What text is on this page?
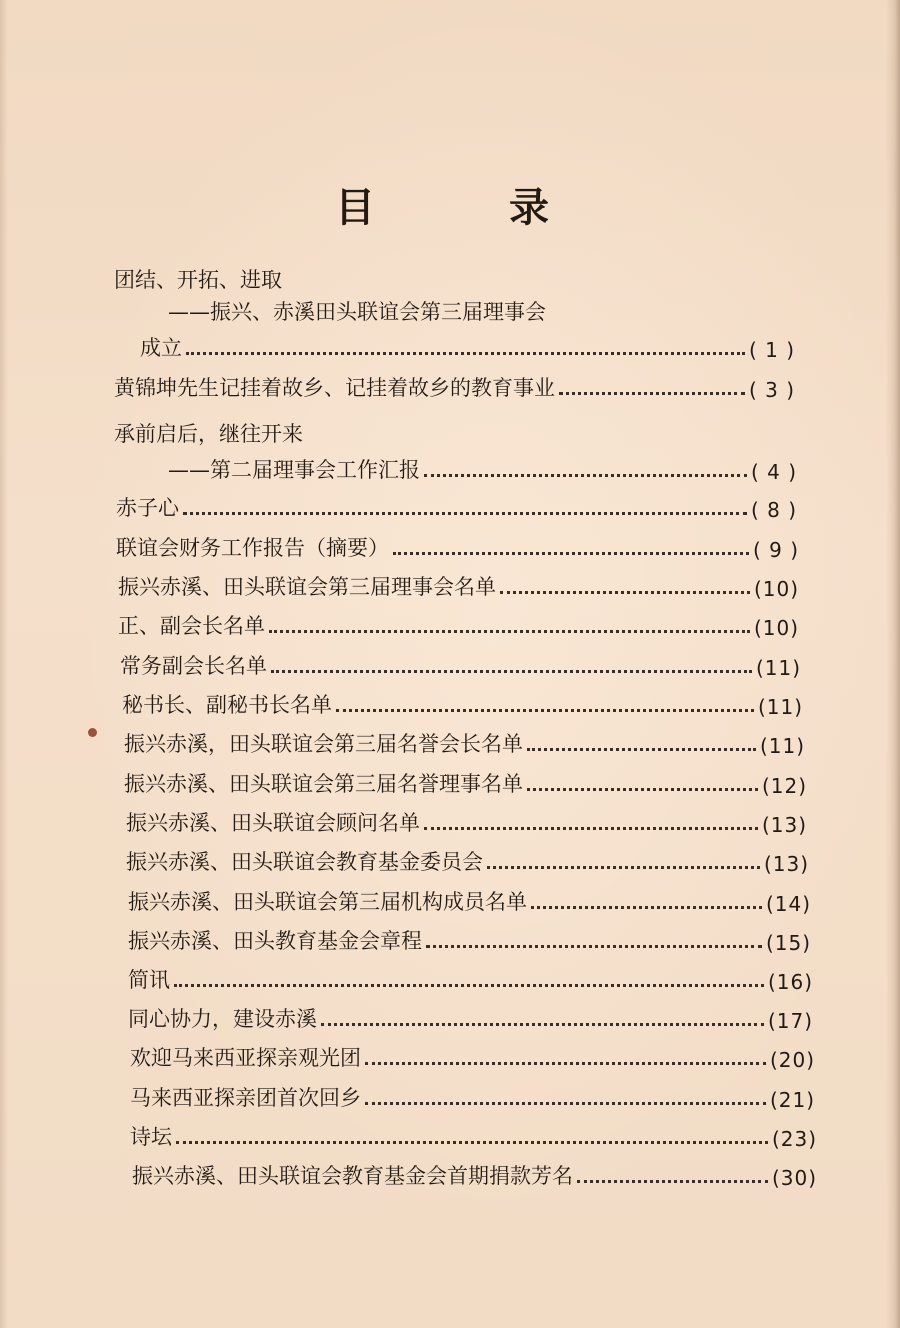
目 录
团结、开拓、进取
——振兴、赤溪田头联谊会第三届理事会
成立	( 1 )
黄锦坤先生记挂着故乡、记挂着故乡的教育事业	( 3 )
承前启后，继往开来
——第二届理事会工作汇报	( 4 )
赤子心	( 8 )
联谊会财务工作报告（摘要）	( 9 )
振兴赤溪、田头联谊会第三届理事会名单	(10)
正、副会长名单	(10)
常务副会长名单	(11)
秘书长、副秘书长名单	(11)
振兴赤溪，田头联谊会第三届名誉会长名单	(11)
振兴赤溪、田头联谊会第三届名誉理事名单	(12)
振兴赤溪、田头联谊会顾问名单	(13)
振兴赤溪、田头联谊会教育基金委员会	(13)
振兴赤溪、田头联谊会第三届机构成员名单	(14)
振兴赤溪、田头教育基金会章程	(15)
简讯	(16)
同心协力，建设赤溪	(17)
欢迎马来西亚探亲观光团	(20)
马来西亚探亲团首次回乡	(21)
诗坛	(23)
振兴赤溪、田头联谊会教育基金会首期捐款芳名	(30)
